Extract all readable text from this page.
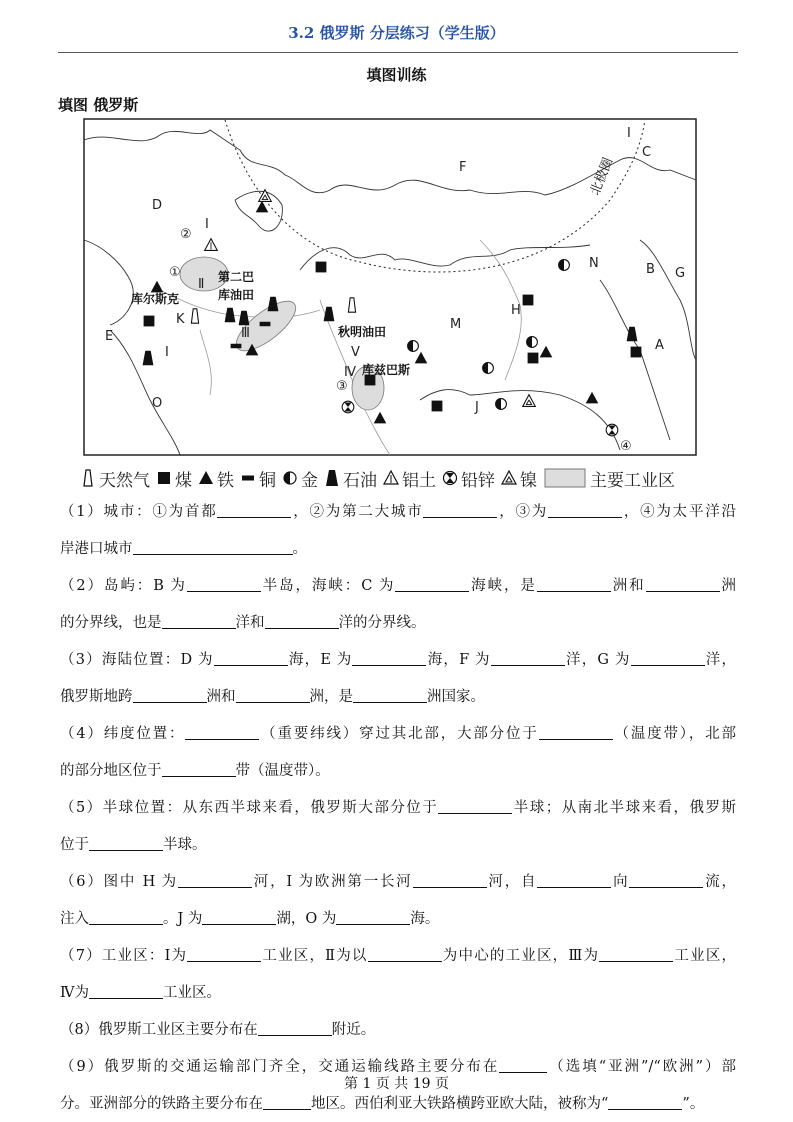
3.2 俄罗斯 分层练习（学生版）
填图训练
填图 俄罗斯
F
C
D
E
B G
N
A
H
M
J
K
O
I
I
I
①
②
③
④
Ⅱ
Ⅲ
Ⅳ
Ⅴ
第二巴
库油田
库尔斯克
秋明油田
库兹巴斯
北极圈
天然气 煤 铁 铜 金 石油 铝土 铅锌 镍	主要工业区
（1）城市：①为首都	，②为第二大城市	，③为	，④为太平洋沿
岸港口城市	。
（2）岛屿：B 为	半岛，海峡：C 为	海峡，是	洲和	洲
的分界线，也是	洋和	洋的分界线。
（3）海陆位置：D 为	海，E 为	海，F 为	洋，G 为	洋，
俄罗斯地跨	洲和	洲，是	洲国家。
（4）纬度位置：	（重要纬线）穿过其北部，大部分位于	（温度带），北部
的部分地区位于	带（温度带）。
（5）半球位置：从东西半球来看，俄罗斯大部分位于	半球；从南北半球来看，俄罗斯
位于	半球。
（6）图中 H 为	河，I 为欧洲第一长河	河，自	向	流，
注入	。J 为	湖，O 为	海。
（7）工业区：Ⅰ为	工业区，Ⅱ为以	为中心的工业区，Ⅲ为	工业区，
Ⅳ为	工业区。
（8）俄罗斯工业区主要分布在	附近。
（9）俄罗斯的交通运输部门齐全，交通运输线路主要分布在	（选填“亚洲”/“欧洲”）部
分。亚洲部分的铁路主要分布在	地区。西伯利亚大铁路横跨亚欧大陆，被称为“	”。
第 1 页 共 19 页
